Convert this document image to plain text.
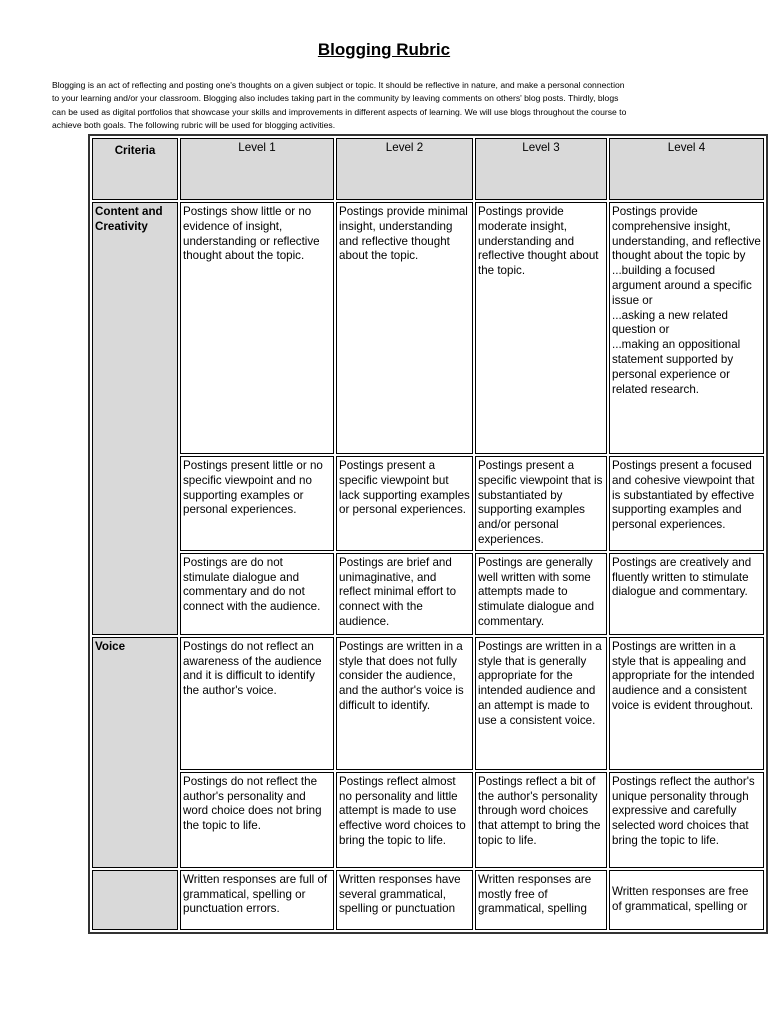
Blogging Rubric
Blogging is an act of reflecting and posting one's thoughts on a given subject or topic. It should be reflective in nature, and make a personal connection
to your learning and/or your classroom. Blogging also includes taking part in the community by leaving comments on others' blog posts. Thirdly, blogs
can be used as digital portfolios that showcase your skills and improvements in different aspects of learning. We will use blogs throughout the course to
achieve both goals. The following rubric will be used for blogging activities.
Criteria	Level 1	Level 2	Level 3	Level 4
Content and Creativity	Postings show little or no evidence of insight, understanding or reflective thought about the topic.	Postings provide minimal insight, understanding and reflective thought about the topic.	Postings provide moderate insight, understanding and reflective thought about the topic.	Postings provide comprehensive insight, understanding, and reflective thought about the topic by
...building a focused argument around a specific issue or
...asking a new related question or
...making an oppositional statement supported by personal experience or related research.

	Postings present little or no specific viewpoint and no supporting examples or personal experiences.	Postings present a specific viewpoint but lack supporting examples or personal experiences.	Postings present a specific viewpoint that is substantiated by supporting examples and/or personal experiences.	Postings present a focused and cohesive viewpoint that is substantiated by effective supporting examples and personal experiences.

	Postings are do not stimulate dialogue and commentary and do not connect with the audience.	Postings are brief and unimaginative, and reflect minimal effort to connect with the audience.	Postings are generally well written with some attempts made to stimulate dialogue and commentary.	Postings are creatively and fluently written to stimulate dialogue and commentary.

Voice	Postings do not reflect an awareness of the audience and it is difficult to identify the author's voice.	Postings are written in a style that does not fully consider the audience, and the author's voice is difficult to identify.	Postings are written in a style that is generally appropriate for the intended audience and an attempt is made to use a consistent voice.	Postings are written in a style that is appealing and appropriate for the intended audience and a consistent voice is evident throughout.

	Postings do not reflect the author's personality and word choice does not bring the topic to life.	Postings reflect almost no personality and little attempt is made to use effective word choices to bring the topic to life.	Postings reflect a bit of the author's personality through word choices that attempt to bring the topic to life.	Postings reflect the author's unique personality through expressive and carefully selected word choices that bring the topic to life.

	Written responses are full of grammatical, spelling or punctuation errors.	Written responses have several grammatical, spelling or punctuation	Written responses are mostly free of grammatical, spelling	Written responses are free of grammatical, spelling or
